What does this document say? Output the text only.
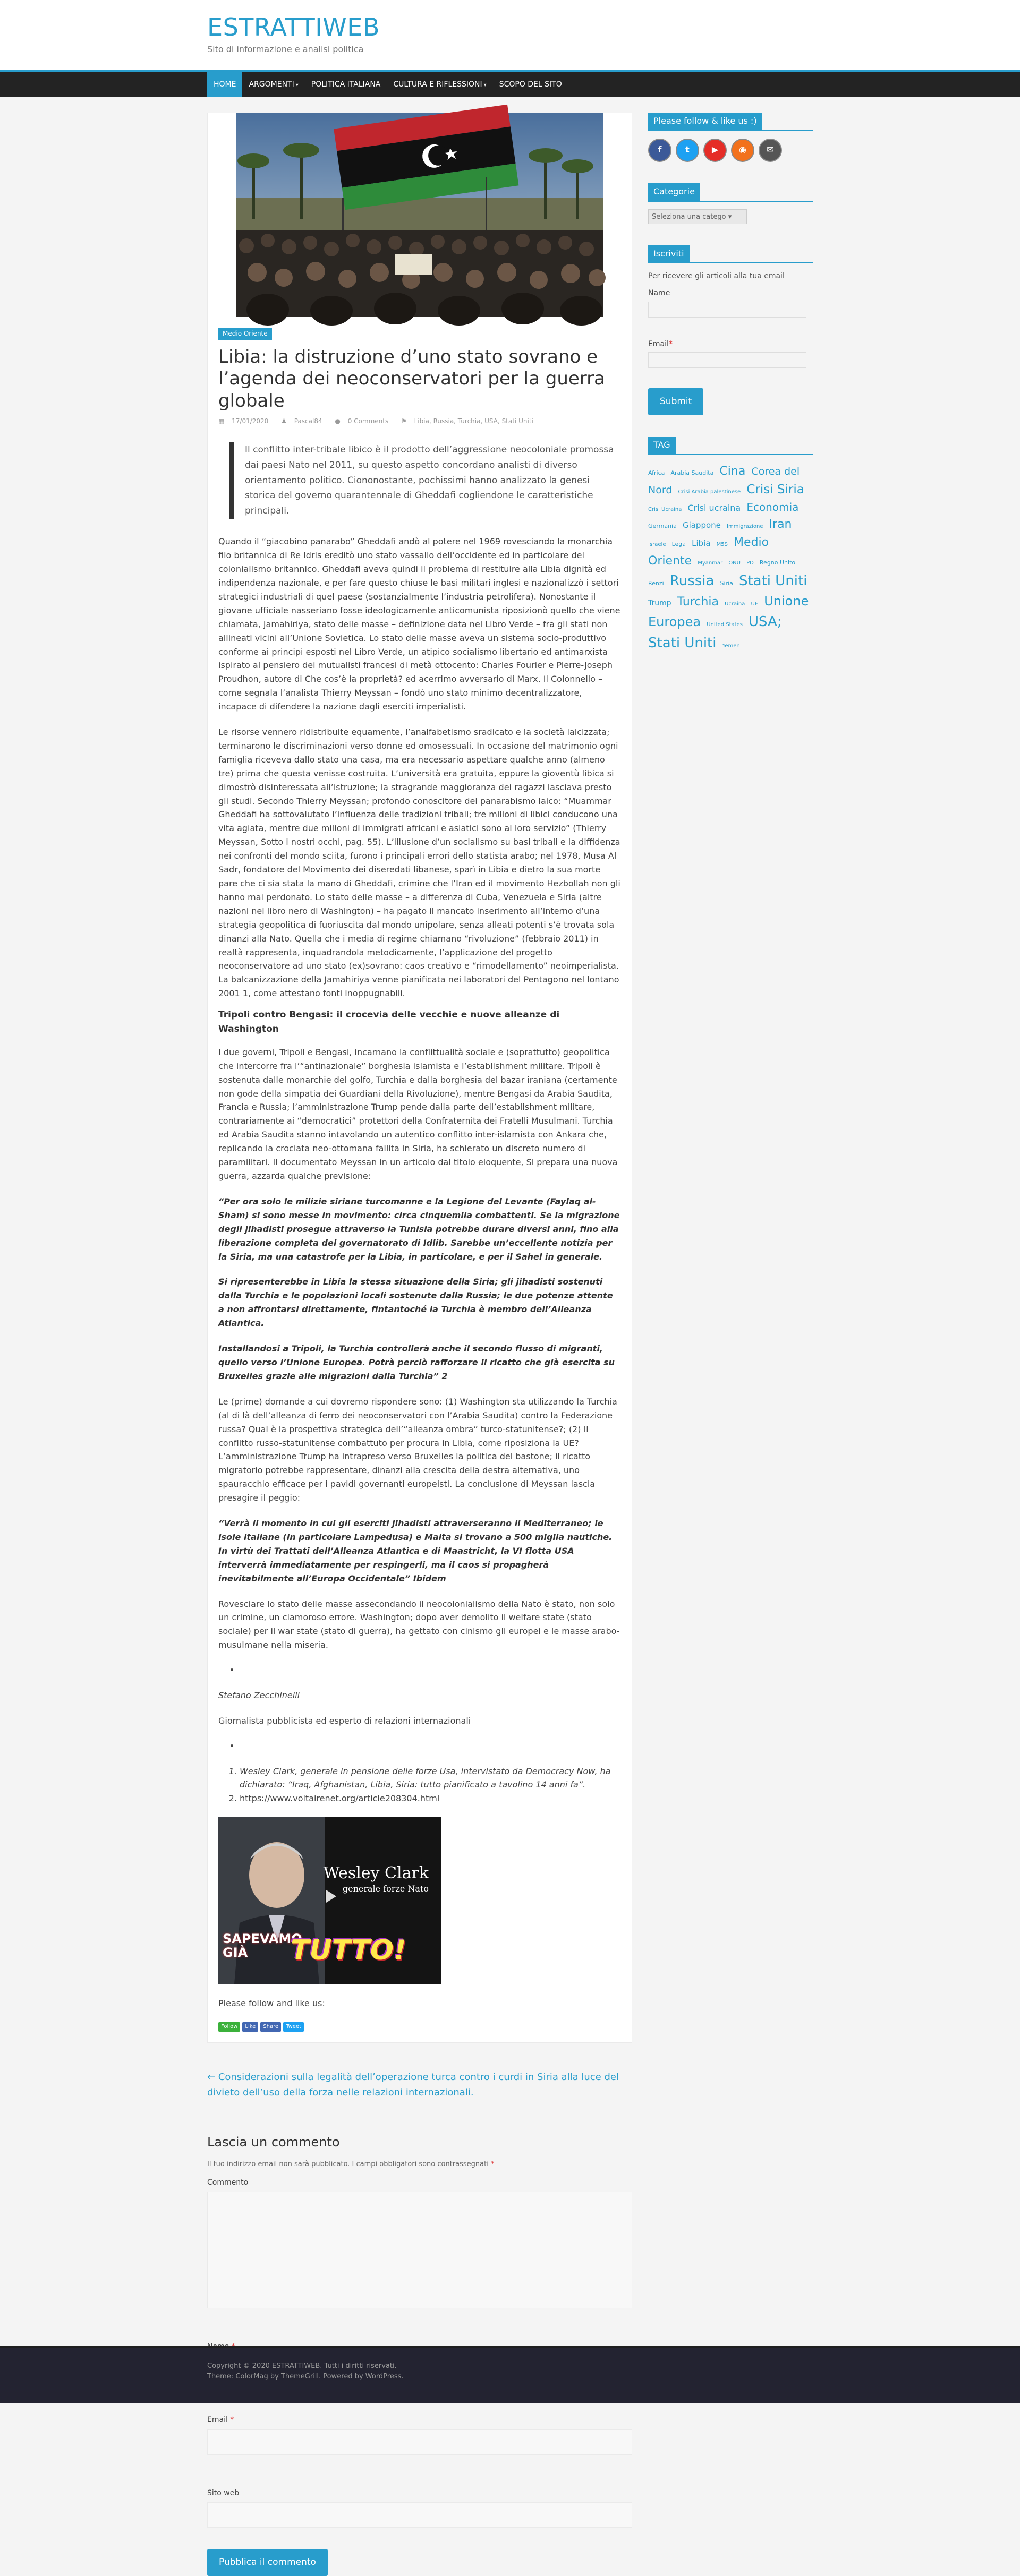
ESTRATTIWEB
Sito di informazione e analisi politica
HOME	ARGOMENTI ▾	POLITICA ITALIANA	CULTURA E RIFLESSIONI ▾	SCOPO DEL SITO
Medio Oriente
Libia: la distruzione d’uno stato sovrano e l’agenda dei neoconservatori per la guerra globale
▦ 17/01/2020 ♟ Pascal84 ● 0 Comments ⚑ Libia, Russia, Turchia, USA, Stati Uniti
Il conflitto inter-tribale libico è il prodotto dell’aggressione neocoloniale promossa dai paesi Nato nel 2011, su questo aspetto concordano analisti di diverso orientamento politico. Ciononostante, pochissimi hanno analizzato la genesi storica del governo quarantennale di Gheddafi cogliendone le caratteristiche principali.

Quando il “giacobino panarabo” Gheddafi andò al potere nel 1969 rovesciando la monarchia filo britannica di Re Idris ereditò uno stato vassallo dell’occidente ed in particolare del colonialismo britannico. Gheddafi aveva quindi il problema di restituire alla Libia dignità ed indipendenza nazionale, e per fare questo chiuse le basi militari inglesi e nazionalizzò i settori strategici industriali di quel paese (sostanzialmente l’industria petrolifera). Nonostante il giovane ufficiale nasseriano fosse ideologicamente anticomunista riposizionò quello che viene chiamata, Jamahiriya, stato delle masse – definizione data nel Libro Verde – fra gli stati non allineati vicini all’Unione Sovietica. Lo stato delle masse aveva un sistema socio-produttivo conforme ai principi esposti nel Libro Verde, un atipico socialismo libertario ed antimarxista ispirato al pensiero dei mutualisti francesi di metà ottocento: Charles Fourier e Pierre-Joseph Proudhon, autore di Che cos’è la proprietà? ed acerrimo avversario di Marx. Il Colonnello – come segnala l’analista Thierry Meyssan – fondò uno stato minimo decentralizzatore, incapace di difendere la nazione dagli eserciti imperialisti.

Le risorse vennero ridistribuite equamente, l’analfabetismo sradicato e la società laicizzata; terminarono le discriminazioni verso donne ed omosessuali. In occasione del matrimonio ogni famiglia riceveva dallo stato una casa, ma era necessario aspettare qualche anno (almeno tre) prima che questa venisse costruita. L’università era gratuita, eppure la gioventù libica si dimostrò disinteressata all’istruzione; la stragrande maggioranza dei ragazzi lasciava presto gli studi. Secondo Thierry Meyssan; profondo conoscitore del panarabismo laico: “Muammar Gheddafi ha sottovalutato l’influenza delle tradizioni tribali; tre milioni di libici conducono una vita agiata, mentre due milioni di immigrati africani e asiatici sono al loro servizio” (Thierry Meyssan, Sotto i nostri occhi, pag. 55). L’illusione d’un socialismo su basi tribali e la diffidenza nei confronti del mondo sciita, furono i principali errori dello statista arabo; nel 1978, Musa Al Sadr, fondatore del Movimento dei diseredati libanese, sparì in Libia e dietro la sua morte pare che ci sia stata la mano di Gheddafi, crimine che l’Iran ed il movimento Hezbollah non gli hanno mai perdonato. Lo stato delle masse – a differenza di Cuba, Venezuela e Siria (altre nazioni nel libro nero di Washington) – ha pagato il mancato inserimento all’interno d’una strategia geopolitica di fuoriuscita dal mondo unipolare, senza alleati potenti s’è trovata sola dinanzi alla Nato. Quella che i media di regime chiamano “rivoluzione” (febbraio 2011) in realtà rappresenta, inquadrandola metodicamente, l’applicazione del progetto neoconservatore ad uno stato (ex)sovrano: caos creativo e “rimodellamento” neoimperialista. La balcanizzazione della Jamahiriya venne pianificata nei laboratori del Pentagono nel lontano 2001 1, come attestano fonti inoppugnabili.

Tripoli contro Bengasi: il crocevia delle vecchie e nuove alleanze di Washington

I due governi, Tripoli e Bengasi, incarnano la conflittualità sociale e (soprattutto) geopolitica che intercorre fra l’“antinazionale” borghesia islamista e l’establishment militare. Tripoli è sostenuta dalle monarchie del golfo, Turchia e dalla borghesia del bazar iraniana (certamente non gode della simpatia dei Guardiani della Rivoluzione), mentre Bengasi da Arabia Saudita, Francia e Russia; l’amministrazione Trump pende dalla parte dell’establishment militare, contrariamente ai “democratici” protettori della Confraternita dei Fratelli Musulmani. Turchia ed Arabia Saudita stanno intavolando un autentico conflitto inter-islamista con Ankara che, replicando la crociata neo-ottomana fallita in Siria, ha schierato un discreto numero di paramilitari. Il documentato Meyssan in un articolo dal titolo eloquente, Si prepara una nuova guerra, azzarda qualche previsione:

“Per ora solo le milizie siriane turcomanne e la Legione del Levante (Faylaq al-Sham) si sono messe in movimento: circa cinquemila combattenti. Se la migrazione degli jihadisti prosegue attraverso la Tunisia potrebbe durare diversi anni, fino alla liberazione completa del governatorato di Idlib. Sarebbe un’eccellente notizia per la Siria, ma una catastrofe per la Libia, in particolare, e per il Sahel in generale.

Si ripresenterebbe in Libia la stessa situazione della Siria; gli jihadisti sostenuti dalla Turchia e le popolazioni locali sostenute dalla Russia; le due potenze attente a non affrontarsi direttamente, fintantoché la Turchia è membro dell’Alleanza Atlantica.

Installandosi a Tripoli, la Turchia controllerà anche il secondo flusso di migranti, quello verso l’Unione Europea. Potrà perciò rafforzare il ricatto che già esercita su Bruxelles grazie alle migrazioni dalla Turchia” 2

Le (prime) domande a cui dovremo rispondere sono: (1) Washington sta utilizzando la Turchia (al di là dell’alleanza di ferro dei neoconservatori con l’Arabia Saudita) contro la Federazione russa? Qual è la prospettiva strategica dell’“alleanza ombra” turco-statunitense?; (2) Il conflitto russo-statunitense combattuto per procura in Libia, come riposiziona la UE? L’amministrazione Trump ha intrapreso verso Bruxelles la politica del bastone; il ricatto migratorio potrebbe rappresentare, dinanzi alla crescita della destra alternativa, uno spauracchio efficace per i pavidi governanti europeisti. La conclusione di Meyssan lascia presagire il peggio:

“Verrà il momento in cui gli eserciti jihadisti attraverseranno il Mediterraneo; le isole italiane (in particolare Lampedusa) e Malta si trovano a 500 miglia nautiche. In virtù dei Trattati dell’Alleanza Atlantica e di Maastricht, la VI flotta USA interverrà immediatamente per respingerli, ma il caos si propagherà inevitabilmente all’Europa Occidentale” Ibidem

Rovesciare lo stato delle masse assecondando il neocolonialismo della Nato è stato, non solo un crimine, un clamoroso errore. Washington; dopo aver demolito il welfare state (stato sociale) per il war state (stato di guerra), ha gettato con cinismo gli europei e le masse arabo-musulmane nella miseria.

•

Stefano Zecchinelli

Giornalista pubblicista ed esperto di relazioni internazionali

•
1. Wesley Clark, generale in pensione delle forze Usa, intervistato da Democracy Now, ha dichiarato: “Iraq, Afghanistan, Libia, Siria: tutto pianificato a tavolino 14 anni fa”.
2. https://www.voltairenet.org/article208304.html
Wesley Clark
generale forze Nato
SAPEVAMO
GIÀ	TUTTO!

Please follow and like us:

Follow	Like	Share	Tweet
← Considerazioni sulla legalità dell’operazione turca contro i curdi in Siria alla luce del divieto dell’uso della forza nelle relazioni internazionali.
Lascia un commento

Il tuo indirizzo email non sarà pubblicato. I campi obbligatori sono contrassegnati *

Commento
Email *
Sito web
Pubblica il commento
Please follow & like us :)
f	t	▶	◉	✉
Categorie
Seleziona una catego ▾
Iscriviti

Per ricevere gli articoli alla tua email

Name

Email*

Submit
TAG
Africa Arabia Saudita Cina Corea del Nord Crisi Arabia palestinese Crisi Siria Crisi Ucraina Crisi ucraina Economia Germania Giappone Immigrazione Iran Israele Lega Libia M5S Medio Oriente Myanmar ONU PD Regno Unito Renzi Russia Siria Stati Uniti Trump Turchia Ucraina UE Unione Europea United States USA; Stati Uniti Yemen
Copyright © 2020 ESTRATTIWEB. Tutti i diritti riservati.
Theme: ColorMag by ThemeGrill. Powered by WordPress.
